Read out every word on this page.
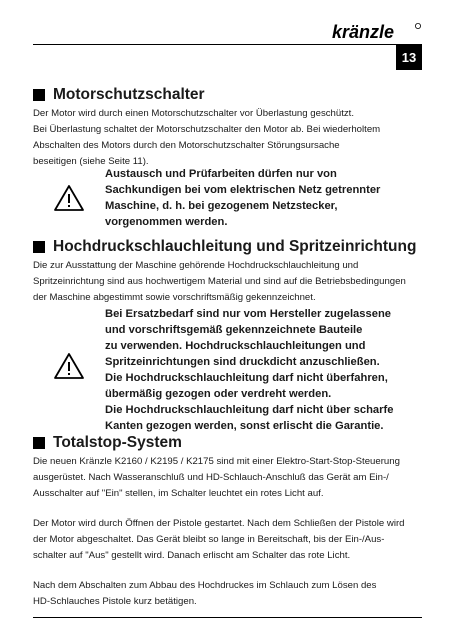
kränzle
13
Motorschutzschalter

Der Motor wird durch einen Motorschutzschalter vor Überlastung geschützt.
Bei Überlastung schaltet der Motorschutzschalter den Motor ab. Bei wiederholtem
Abschalten des Motors durch den Motorschutzschalter Störungsursache
beseitigen (siehe Seite 11).

Austausch und Prüfarbeiten dürfen nur von
Sachkundigen bei vom elektrischen Netz getrennter
Maschine, d. h. bei gezogenem Netzstecker,
vorgenommen werden.
Hochdruckschlauchleitung und Spritzeinrichtung

Die zur Ausstattung der Maschine gehörende Hochdruckschlauchleitung und
Spritzeinrichtung sind aus hochwertigem Material und sind auf die Betriebsbedingungen
der Maschine abgestimmt sowie vorschriftsmäßig gekennzeichnet.

Bei Ersatzbedarf sind nur vom Hersteller zugelassene
und vorschriftsgemäß gekennzeichnete Bauteile
zu verwenden. Hochdruckschlauchleitungen und
Spritzeinrichtungen sind druckdicht anzuschließen.
Die Hochdruckschlauchleitung darf nicht überfahren,
übermäßig gezogen oder verdreht werden.
Die Hochdruckschlauchleitung darf nicht über scharfe
Kanten gezogen werden, sonst erlischt die Garantie.
Totalstop-System

Die neuen Kränzle K2160 / K2195 / K2175 sind mit einer Elektro-Start-Stop-Steuerung
ausgerüstet. Nach Wasseranschluß und HD-Schlauch-Anschluß das Gerät am Ein-/
Ausschalter auf "Ein" stellen, im Schalter leuchtet ein rotes Licht auf.

Der Motor wird durch Öffnen der Pistole gestartet. Nach dem Schließen der Pistole wird
der Motor abgeschaltet. Das Gerät bleibt so lange in Bereitschaft, bis der Ein-/Aus-
schalter auf "Aus" gestellt wird. Danach erlischt am Schalter das rote Licht.

Nach dem Abschalten zum Abbau des Hochdruckes im Schlauch zum Lösen des
HD-Schlauches Pistole kurz betätigen.
